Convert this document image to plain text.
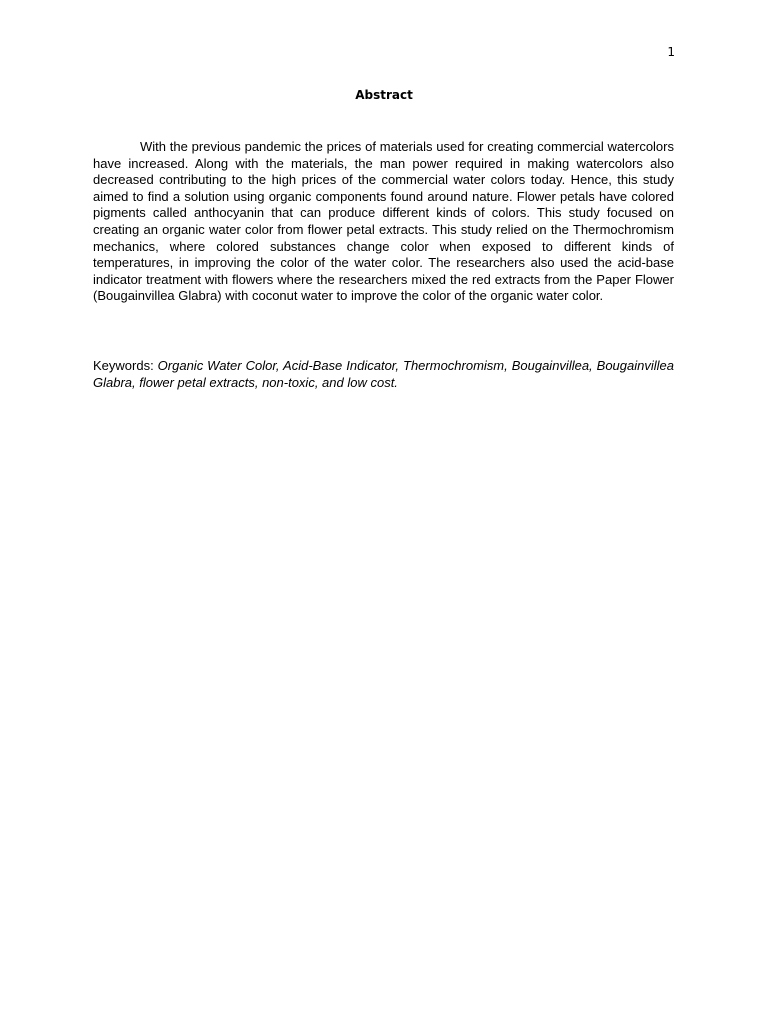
1
Abstract

With the previous pandemic the prices of materials used for creating commercial watercolors have increased. Along with the materials, the man power required in making watercolors also decreased contributing to the high prices of the commercial water colors today. Hence, this study aimed to find a solution using organic components found around nature. Flower petals have colored pigments called anthocyanin that can produce different kinds of colors. This study focused on creating an organic water color from flower petal extracts. This study relied on the Thermochromism mechanics, where colored substances change color when exposed to different kinds of temperatures, in improving the color of the water color. The researchers also used the acid-base indicator treatment with flowers where the researchers mixed the red extracts from the Paper Flower (Bougainvillea Glabra) with coconut water to improve the color of the organic water color.

Keywords: Organic Water Color, Acid-Base Indicator, Thermochromism, Bougainvillea, Bougainvillea Glabra, flower petal extracts, non-toxic, and low cost.
